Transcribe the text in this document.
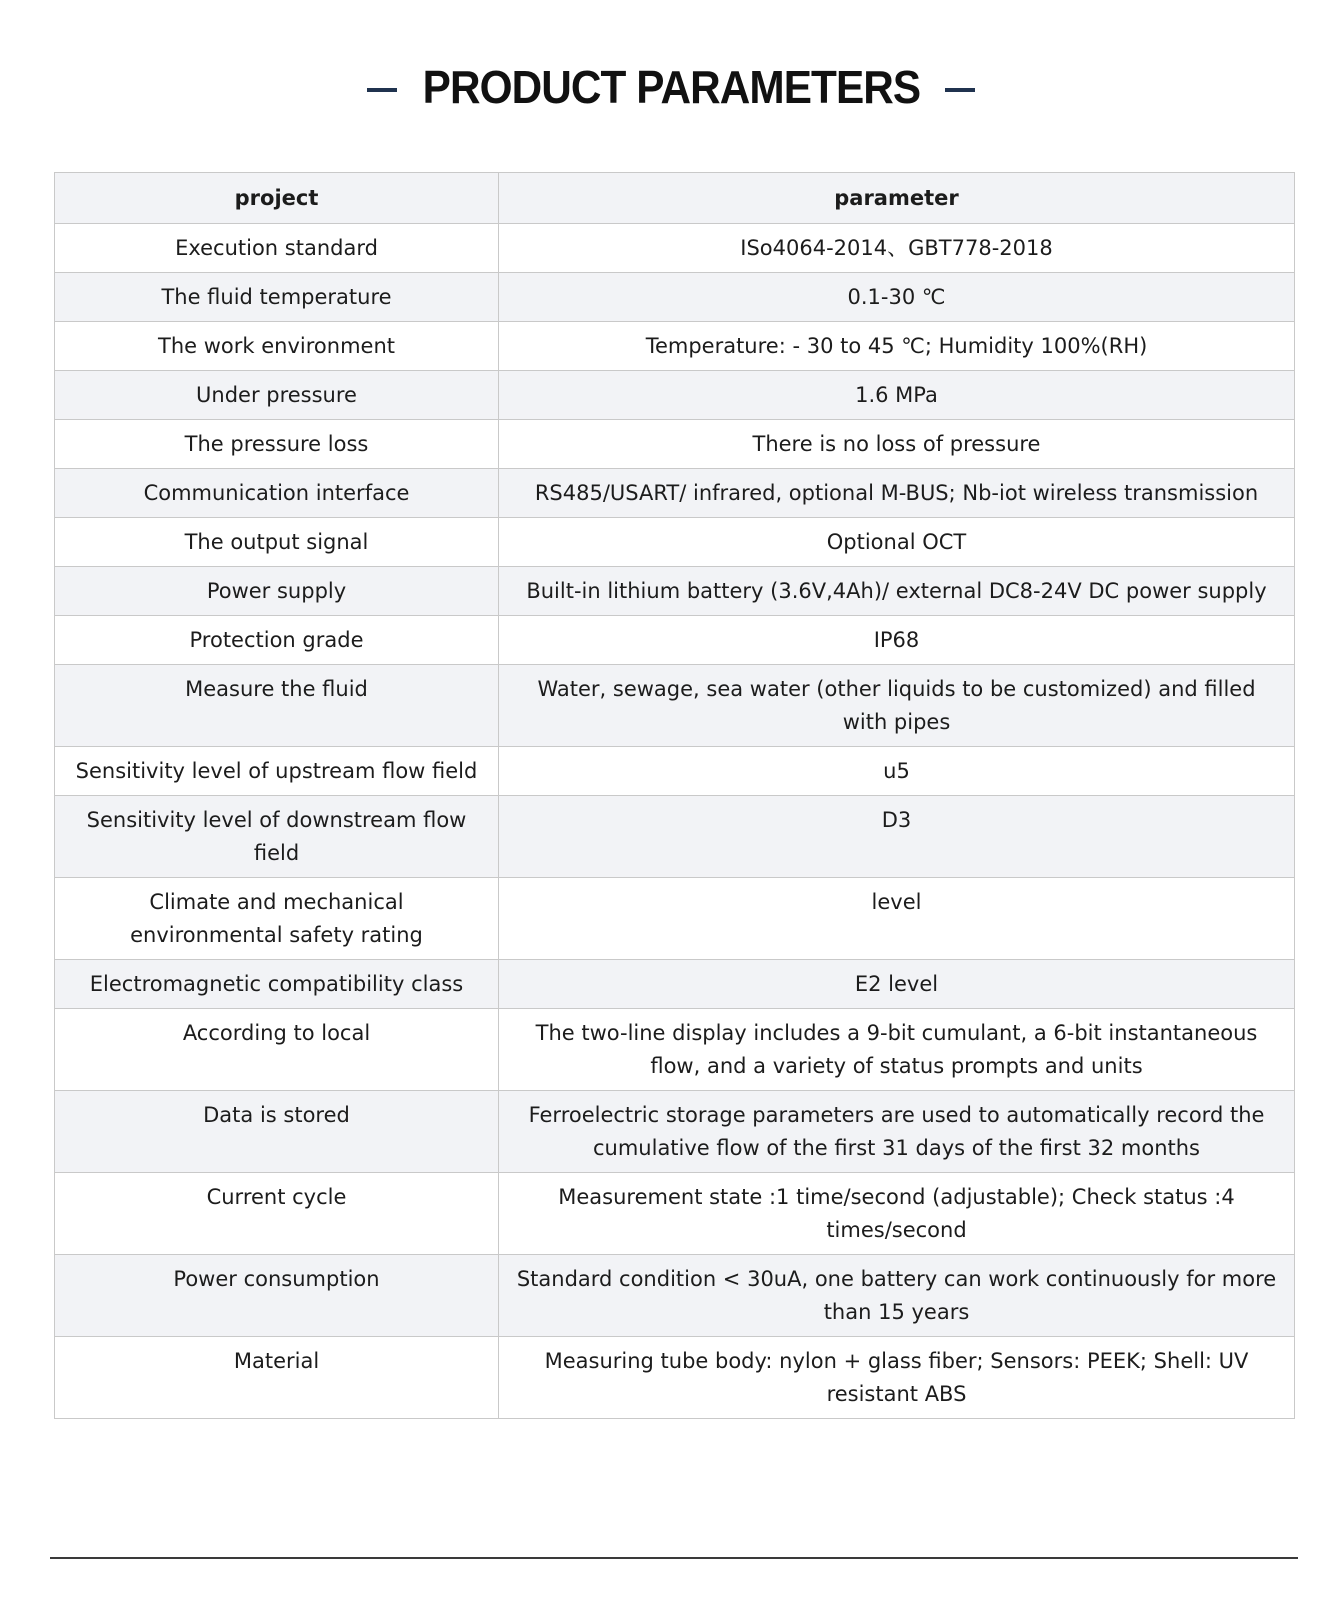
PRODUCT PARAMETERS
project	parameter
Execution standard	ISo4064-2014、GBT778-2018
The fluid temperature	0.1-30 ℃
The work environment	Temperature: - 30 to 45 ℃; Humidity 100%(RH)
Under pressure	1.6 MPa
The pressure loss	There is no loss of pressure
Communication interface	RS485/USART/ infrared, optional M-BUS; Nb-iot wireless transmission
The output signal	Optional OCT
Power supply	Built-in lithium battery (3.6V,4Ah)/ external DC8-24V DC power supply
Protection grade	IP68
Measure the fluid	Water, sewage, sea water (other liquids to be customized) and filled with pipes
Sensitivity level of upstream flow field	u5
Sensitivity level of downstream flow field	D3
Climate and mechanical environmental safety rating	level
Electromagnetic compatibility class	E2 level
According to local	The two-line display includes a 9-bit cumulant, a 6-bit instantaneous flow, and a variety of status prompts and units
Data is stored	Ferroelectric storage parameters are used to automatically record the cumulative flow of the first 31 days of the first 32 months
Current cycle	Measurement state :1 time/second (adjustable); Check status :4 times/second
Power consumption	Standard condition < 30uA, one battery can work continuously for more than 15 years
Material	Measuring tube body: nylon + glass fiber; Sensors: PEEK; Shell: UV resistant ABS
